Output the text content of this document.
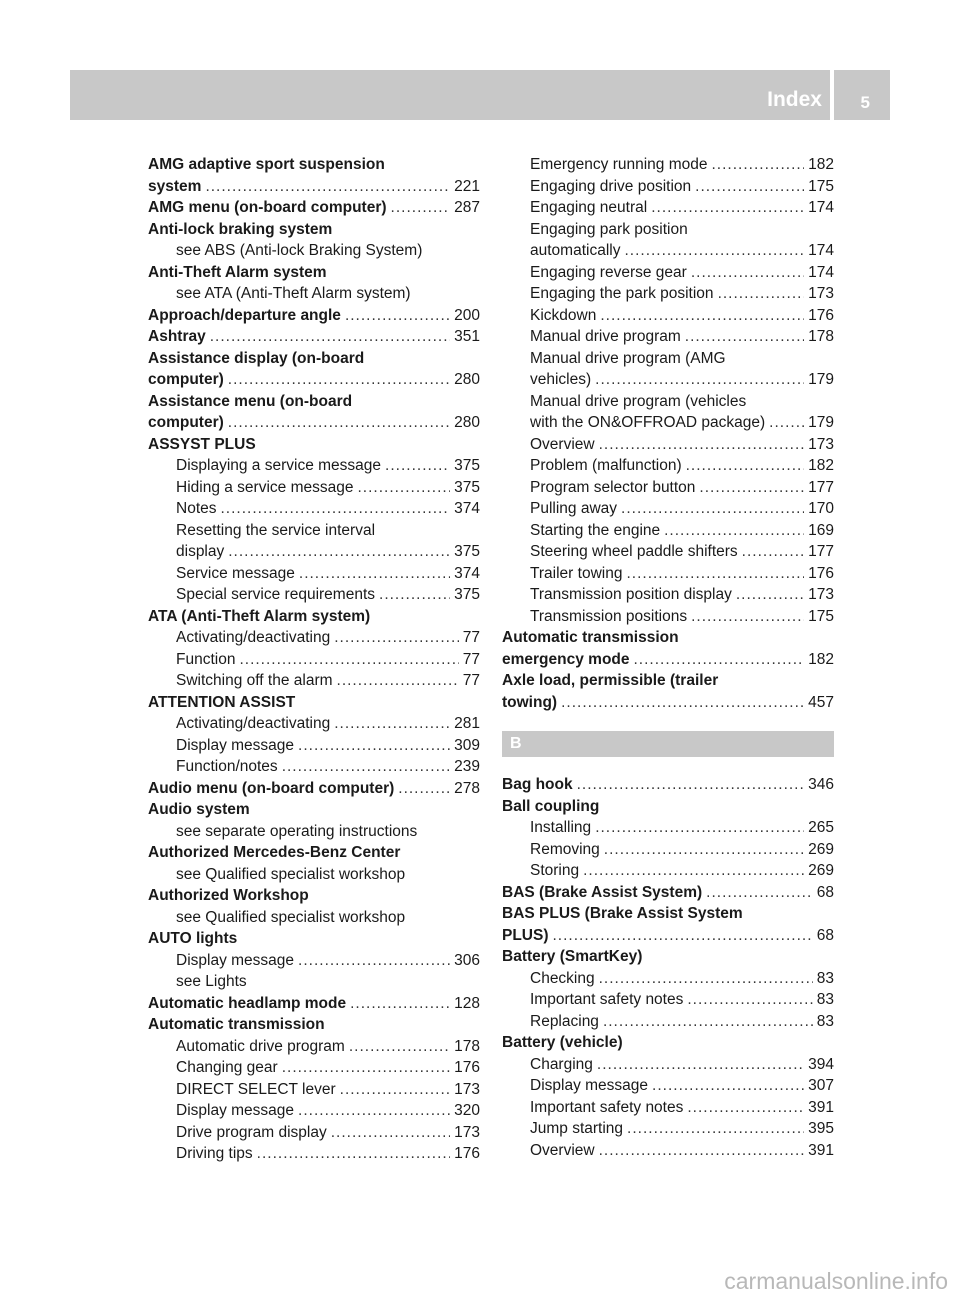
Index 5
AMG adaptive sport suspension
system .....	221
AMG menu (on-board computer) .....	287
Anti-lock braking system
see ABS (Anti-lock Braking System)
Anti-Theft Alarm system
see ATA (Anti-Theft Alarm system)
Approach/departure angle .....	200
Ashtray .....	351
Assistance display (on-board
computer) .....	280
Assistance menu (on-board
computer) .....	280
ASSYST PLUS
Displaying a service message .....	375
Hiding a service message .....	375
Notes .....	374
Resetting the service interval
display .....	375
Service message .....	374
Special service requirements .....	375
ATA (Anti-Theft Alarm system)
Activating/deactivating .....	77
Function .....	77
Switching off the alarm .....	77
ATTENTION ASSIST
Activating/deactivating .....	281
Display message .....	309
Function/notes .....	239
Audio menu (on-board computer) .....	278
Audio system
see separate operating instructions
Authorized Mercedes-Benz Center
see Qualified specialist workshop
Authorized Workshop
see Qualified specialist workshop
AUTO lights
Display message .....	306
see Lights
Automatic headlamp mode .....	128
Automatic transmission
Automatic drive program .....	178
Changing gear .....	176
DIRECT SELECT lever .....	173
Display message .....	320
Drive program display .....	173
Driving tips .....	176
Emergency running mode .....	182
Engaging drive position .....	175
Engaging neutral .....	174
Engaging park position
automatically .....	174
Engaging reverse gear .....	174
Engaging the park position .....	173
Kickdown .....	176
Manual drive program .....	178
Manual drive program (AMG
vehicles) .....	179
Manual drive program (vehicles
with the ON&OFFROAD package) .....	179
Overview .....	173
Problem (malfunction) .....	182
Program selector button .....	177
Pulling away .....	170
Starting the engine .....	169
Steering wheel paddle shifters .....	177
Trailer towing .....	176
Transmission position display .....	173
Transmission positions .....	175
Automatic transmission
emergency mode .....	182
Axle load, permissible (trailer
towing) .....	457
B
Bag hook .....	346
Ball coupling
Installing .....	265
Removing .....	269
Storing .....	269
BAS (Brake Assist System) .....	68
BAS PLUS (Brake Assist System
PLUS) .....	68
Battery (SmartKey)
Checking .....	83
Important safety notes .....	83
Replacing .....	83
Battery (vehicle)
Charging .....	394
Display message .....	307
Important safety notes .....	391
Jump starting .....	395
Overview .....	391
carmanualsonline.info
